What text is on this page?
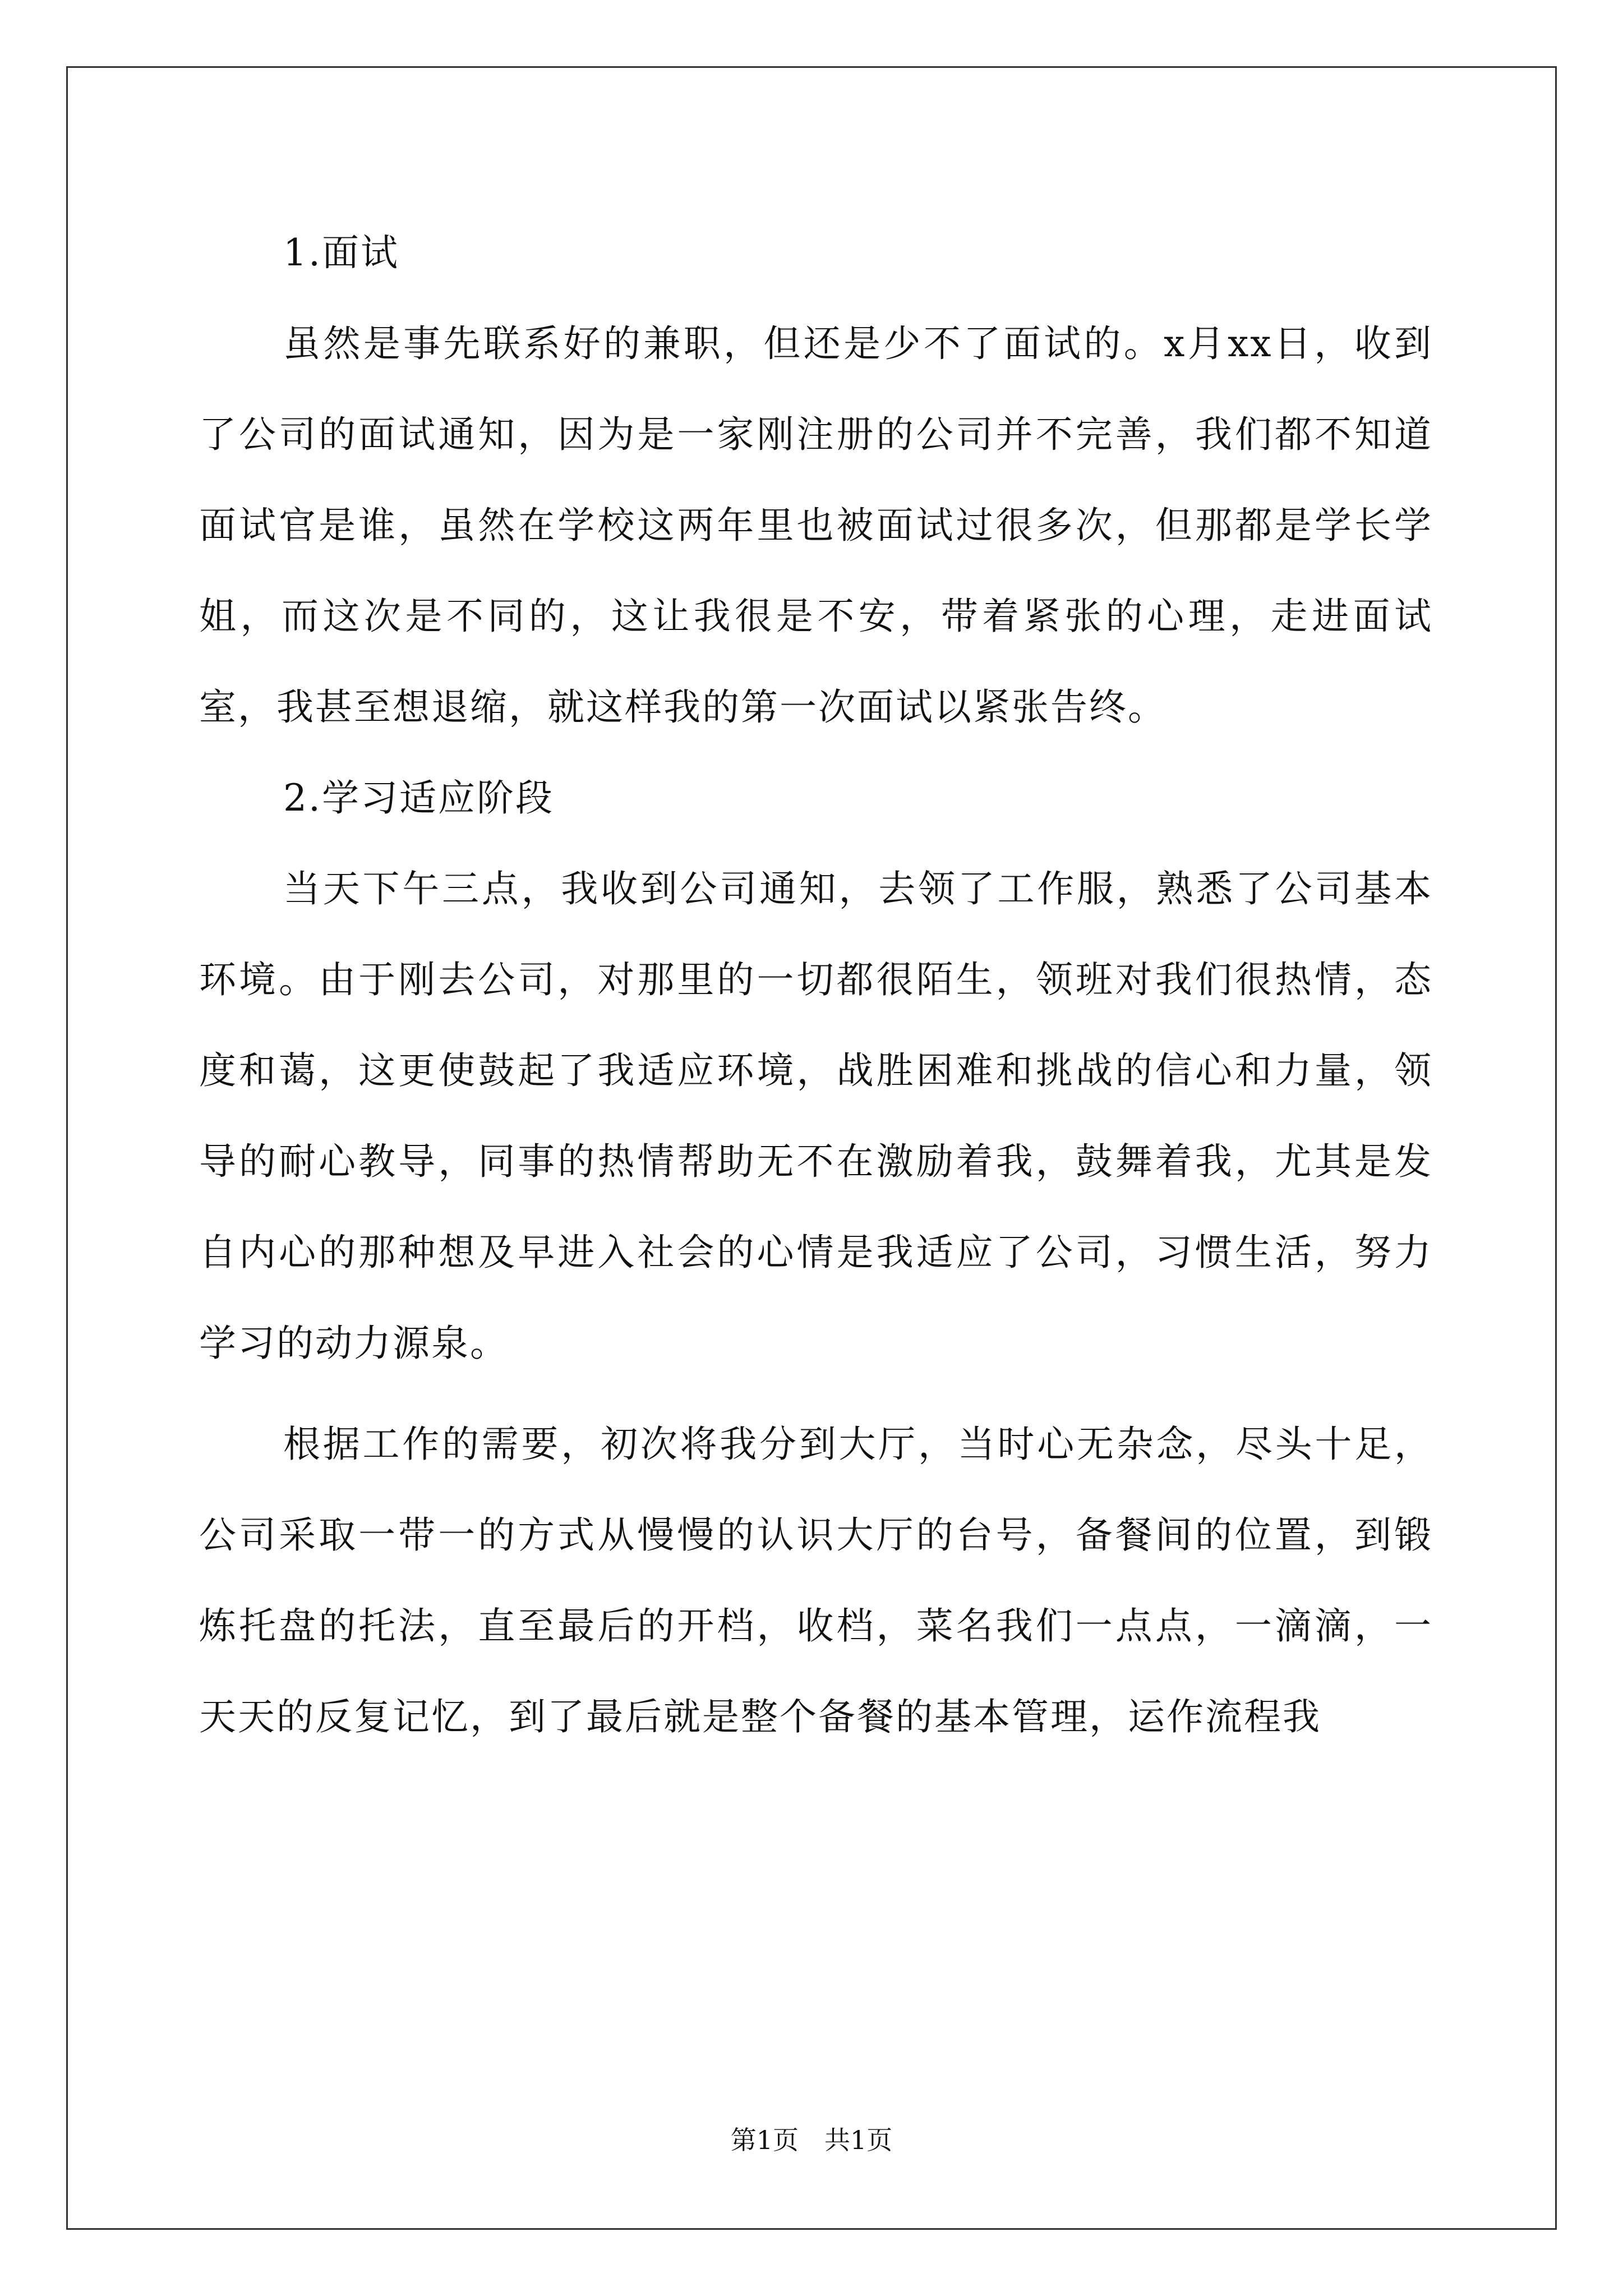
1.面试

虽然是事先联系好的兼职，但还是少不了面试的。x月xx日，收到了公司的面试通知，因为是一家刚注册的公司并不完善，我们都不知道面试官是谁，虽然在学校这两年里也被面试过很多次，但那都是学长学姐，而这次是不同的，这让我很是不安，带着紧张的心理，走进面试室，我甚至想退缩，就这样我的第一次面试以紧张告终。

2.学习适应阶段

当天下午三点，我收到公司通知，去领了工作服，熟悉了公司基本环境。由于刚去公司，对那里的一切都很陌生，领班对我们很热情，态度和蔼，这更使鼓起了我适应环境，战胜困难和挑战的信心和力量，领导的耐心教导，同事的热情帮助无不在激励着我，鼓舞着我，尤其是发自内心的那种想及早进入社会的心情是我适应了公司，习惯生活，努力学习的动力源泉。

根据工作的需要，初次将我分到大厅，当时心无杂念，尽头十足，公司采取一带一的方式从慢慢的认识大厅的台号，备餐间的位置，到锻炼托盘的托法，直至最后的开档，收档，菜名我们一点点，一滴滴，一天天的反复记忆，到了最后就是整个备餐的基本管理，运作流程我

第1页　共1页
